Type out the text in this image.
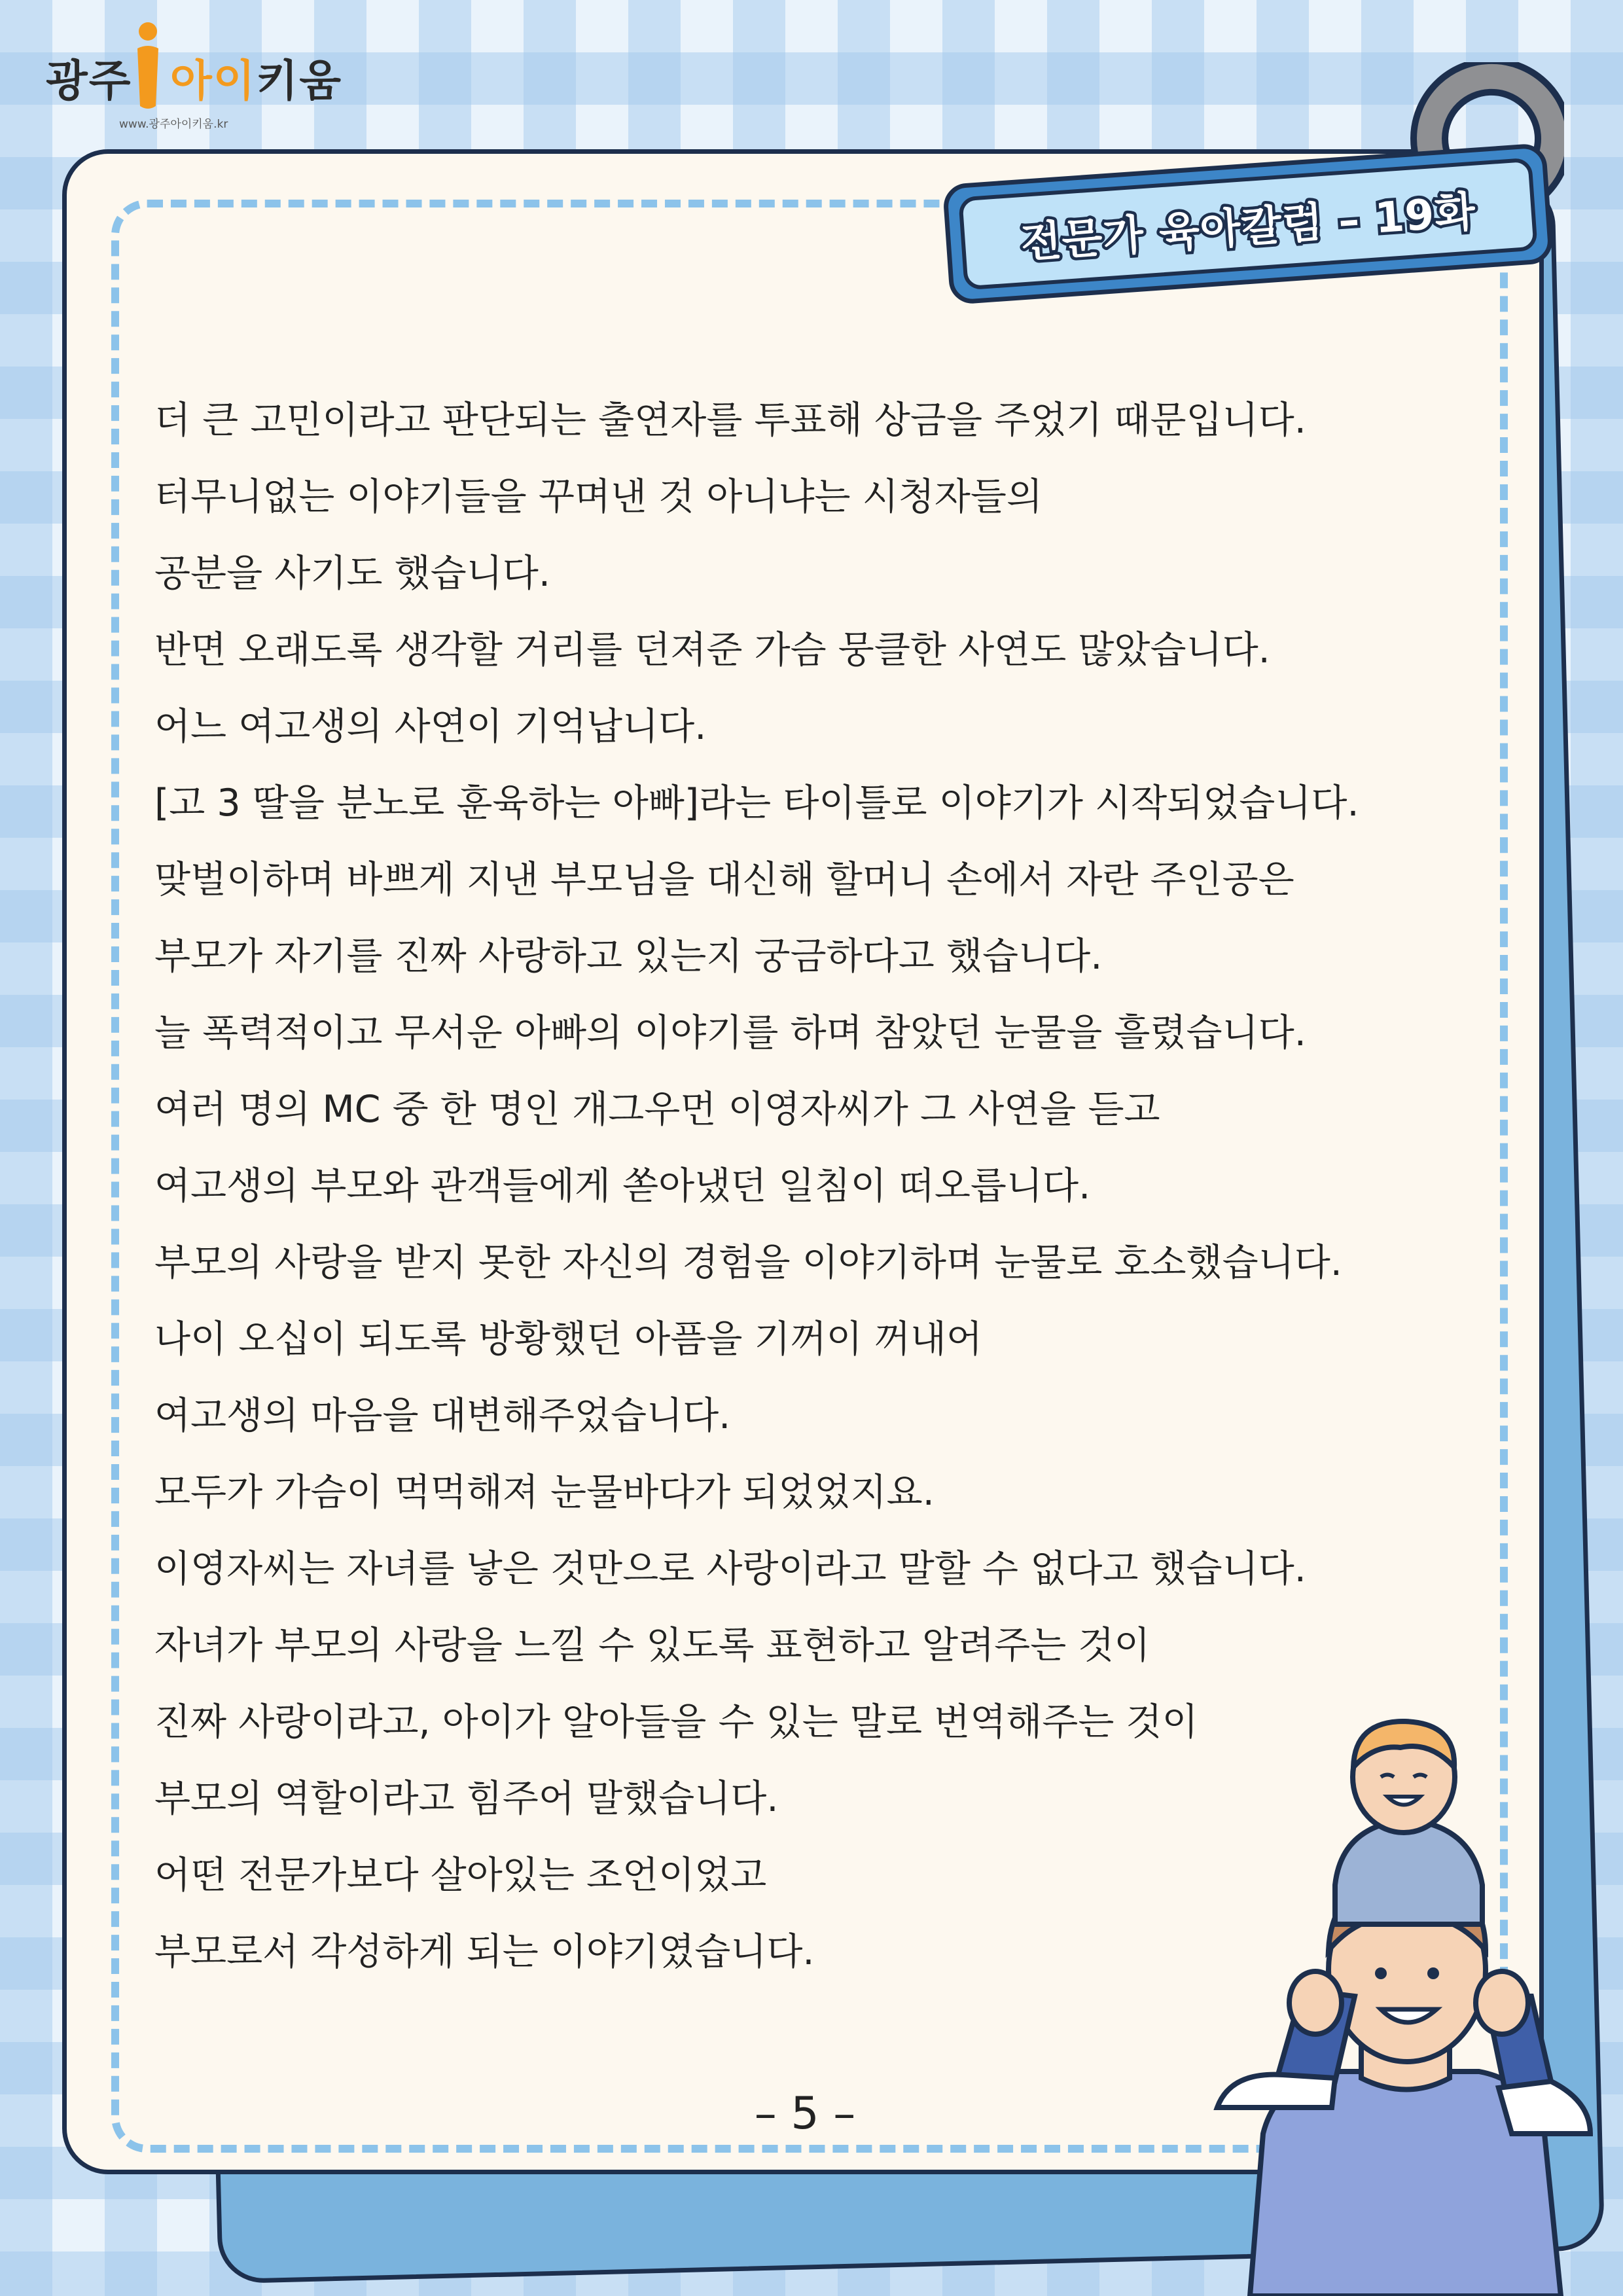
광주 아이키움
www.광주아이키움.kr
전문가 육아칼럼 – 19화
더 큰 고민이라고 판단되는 출연자를 투표해 상금을 주었기 때문입니다.
터무니없는 이야기들을 꾸며낸 것 아니냐는 시청자들의
공분을 사기도 했습니다.
반면 오래도록 생각할 거리를 던져준 가슴 뭉클한 사연도 많았습니다.
어느 여고생의 사연이 기억납니다.
[고 3 딸을 분노로 훈육하는 아빠]라는 타이틀로 이야기가 시작되었습니다.
맞벌이하며 바쁘게 지낸 부모님을 대신해 할머니 손에서 자란 주인공은
부모가 자기를 진짜 사랑하고 있는지 궁금하다고 했습니다.
늘 폭력적이고 무서운 아빠의 이야기를 하며 참았던 눈물을 흘렸습니다.
여러 명의 MC 중 한 명인 개그우먼 이영자씨가 그 사연을 듣고
여고생의 부모와 관객들에게 쏟아냈던 일침이 떠오릅니다.
부모의 사랑을 받지 못한 자신의 경험을 이야기하며 눈물로 호소했습니다.
나이 오십이 되도록 방황했던 아픔을 기꺼이 꺼내어
여고생의 마음을 대변해주었습니다.
모두가 가슴이 먹먹해져 눈물바다가 되었었지요.
이영자씨는 자녀를 낳은 것만으로 사랑이라고 말할 수 없다고 했습니다.
자녀가 부모의 사랑을 느낄 수 있도록 표현하고 알려주는 것이
진짜 사랑이라고, 아이가 알아들을 수 있는 말로 번역해주는 것이
부모의 역할이라고 힘주어 말했습니다.
어떤 전문가보다 살아있는 조언이었고
부모로서 각성하게 되는 이야기였습니다.
– 5 –
